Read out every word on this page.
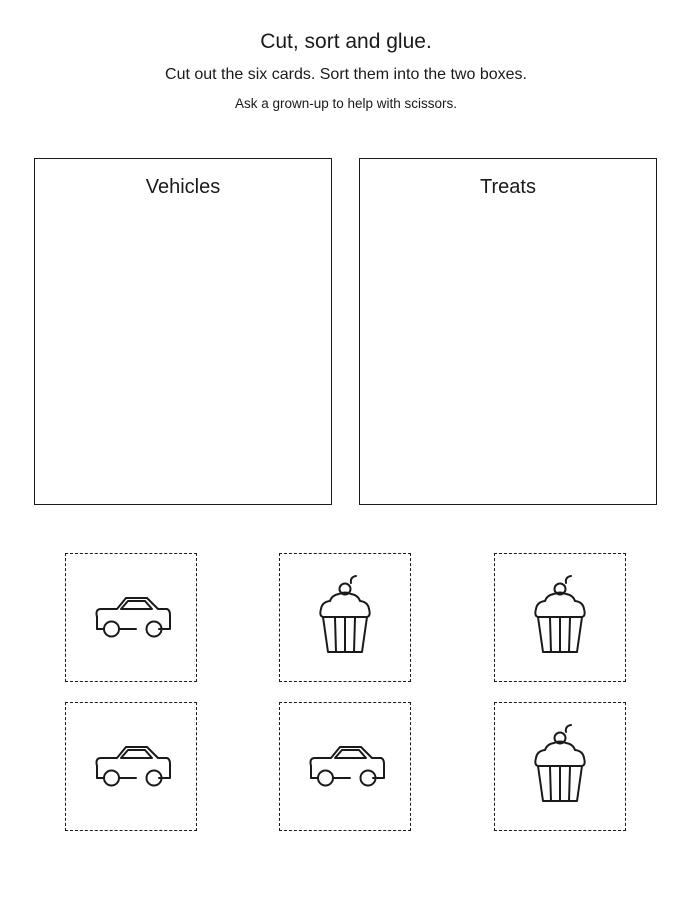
Cut, sort and glue.
Cut out the six cards. Sort them into the two boxes.
Ask a grown-up to help with scissors.
Vehicles	Treats
